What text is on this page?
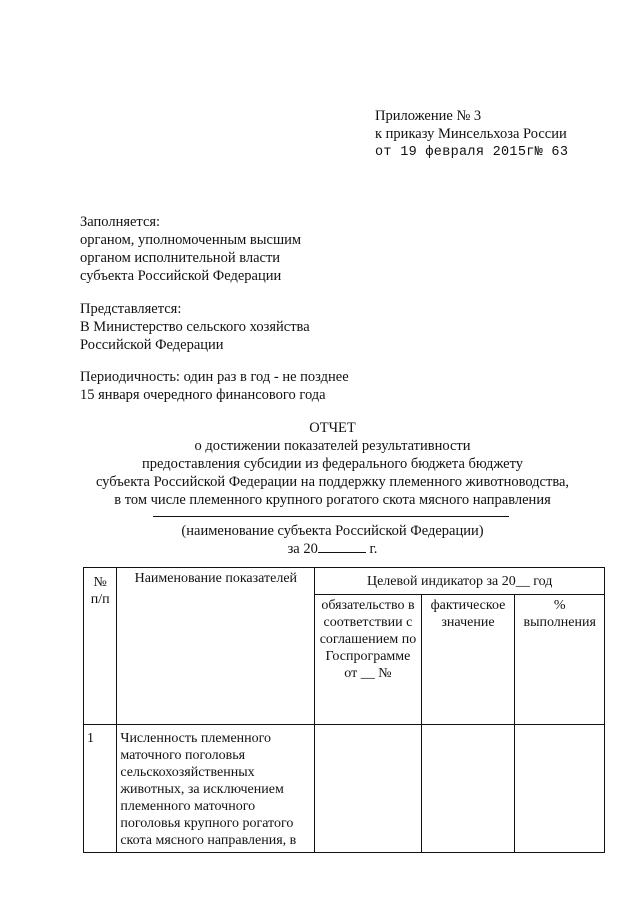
Приложение № 3
к приказу Минсельхоза России
от 19 февраля 2015г№ 63
Заполняется:
органом, уполномоченным высшим
органом исполнительной власти
субъекта Российской Федерации
Представляется:
В Министерство сельского хозяйства
Российской Федерации
Периодичность: один раз в год - не позднее
15 января очередного финансового года
ОТЧЕТ
о достижении показателей результативности
предоставления субсидии из федерального бюджета бюджету
субъекта Российской Федерации на поддержку племенного животноводства,
в том числе племенного крупного рогатого скота мясного направления
(наименование субъекта Российской Федерации)
за 20	г.
№
п/п	Наименование показателей	Целевой индикатор за 20__ год		
		обязательство в соответствии с соглашением по Госпрограмме от __ №	фактическое значение	% выполнения
1	Численность племенного маточного поголовья сельскохозяйственных животных, за исключением племенного маточного поголовья крупного рогатого скота мясного направления, в			
